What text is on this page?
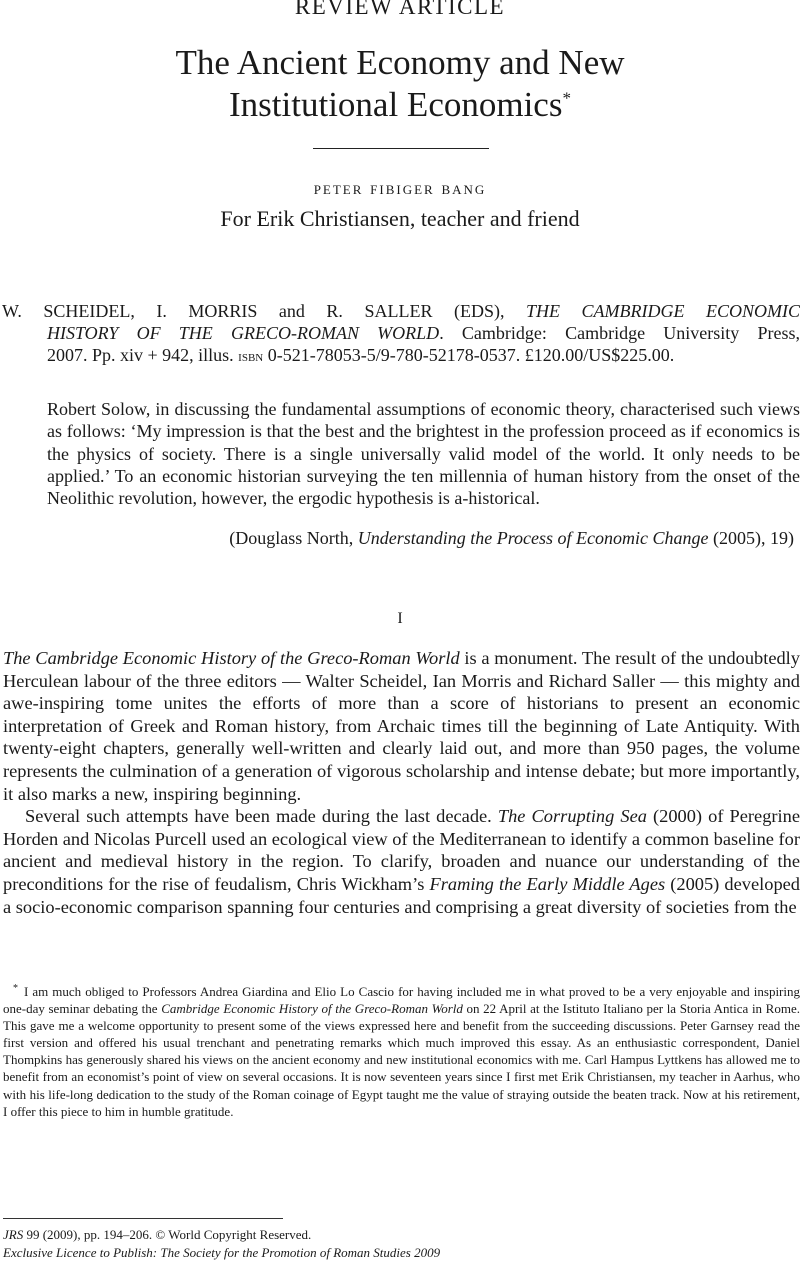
REVIEW ARTICLE
The Ancient Economy and New
Institutional Economics*
peter fibiger bang
For Erik Christiansen, teacher and friend
W. SCHEIDEL, I. MORRIS and R. SALLER (EDS), THE CAMBRIDGE ECONOMIC
HISTORY OF THE GRECO-ROMAN WORLD. Cambridge: Cambridge University Press,
2007. Pp. xiv + 942, illus. isbn 0-521-78053-5/9-780-52178-0537. £120.00/US$225.00.
Robert Solow, in discussing the fundamental assumptions of economic theory, characterised such views as follows: ‘My impression is that the best and the brightest in the profession proceed as if economics is the physics of society. There is a single universally valid model of the world. It only needs to be applied.’ To an economic historian surveying the ten millennia of human history from the onset of the Neolithic revolution, however, the ergodic hypothesis is a-historical.
(Douglass North, Understanding the Process of Economic Change (2005), 19)
I

The Cambridge Economic History of the Greco-Roman World is a monument. The result of the undoubtedly Herculean labour of the three editors — Walter Scheidel, Ian Morris and Richard Saller — this mighty and awe-inspiring tome unites the efforts of more than a score of historians to present an economic interpretation of Greek and Roman history, from Archaic times till the beginning of Late Antiquity. With twenty-eight chapters, generally well-written and clearly laid out, and more than 950 pages, the volume represents the culmination of a generation of vigorous scholarship and intense debate; but more importantly, it also marks a new, inspiring beginning.

Several such attempts have been made during the last decade. The Corrupting Sea (2000) of Peregrine Horden and Nicolas Purcell used an ecological view of the Mediterranean to identify a common baseline for ancient and medieval history in the region. To clarify, broaden and nuance our understanding of the preconditions for the rise of feudalism, Chris Wickham’s Framing the Early Middle Ages (2005) developed a socio-economic comparison spanning four centuries and comprising a great diversity of societies from the

* I am much obliged to Professors Andrea Giardina and Elio Lo Cascio for having included me in what proved to be a very enjoyable and inspiring one-day seminar debating the Cambridge Economic History of the Greco-Roman World on 22 April at the Istituto Italiano per la Storia Antica in Rome. This gave me a welcome opportunity to present some of the views expressed here and benefit from the succeeding discussions. Peter Garnsey read the first version and offered his usual trenchant and penetrating remarks which much improved this essay. As an enthusiastic correspondent, Daniel Thompkins has generously shared his views on the ancient economy and new institutional economics with me. Carl Hampus Lyttkens has allowed me to benefit from an economist’s point of view on several occasions. It is now seventeen years since I first met Erik Christiansen, my teacher in Aarhus, who with his life-long dedication to the study of the Roman coinage of Egypt taught me the value of straying outside the beaten track. Now at his retirement, I offer this piece to him in humble gratitude.
JRS 99 (2009), pp. 194–206. © World Copyright Reserved.
Exclusive Licence to Publish: The Society for the Promotion of Roman Studies 2009
